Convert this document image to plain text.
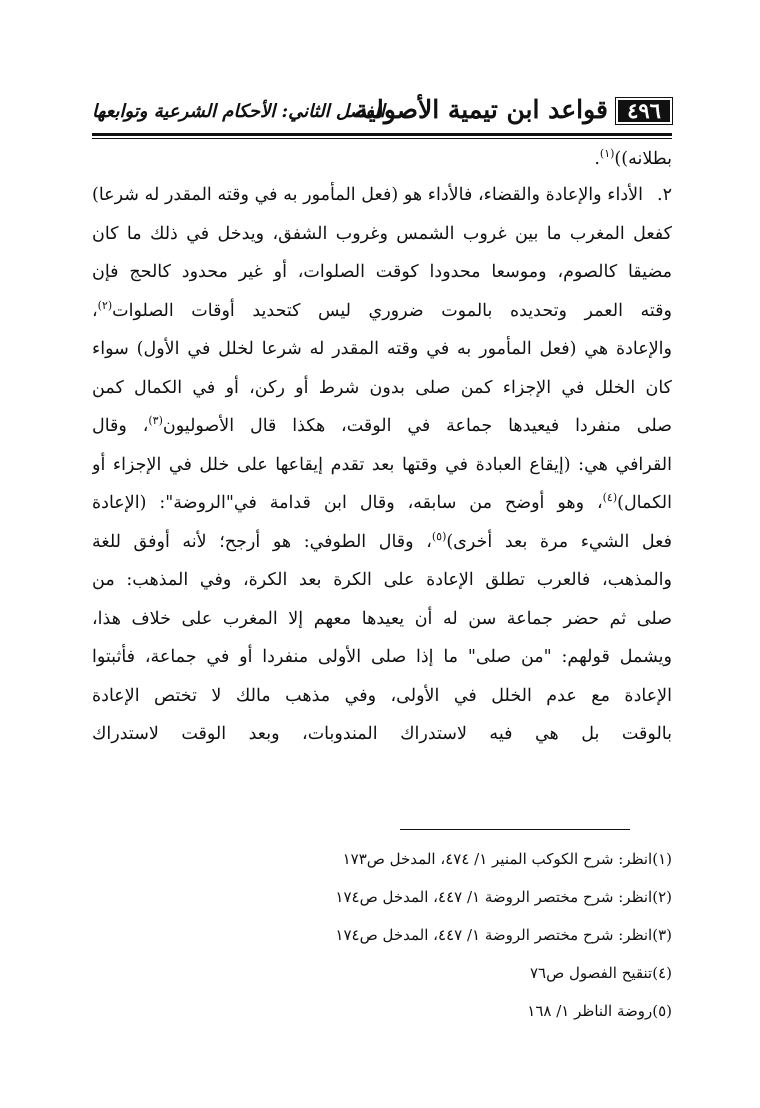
٤٩٦
قواعد ابن تيمية الأصولية
الفصل الثاني: الأحكام الشرعية وتوابعها
بطلانه))$^{(١)}$.
٢.الأداء والإعادة والقضاء، فالأداء هو (فعل المأمور به في وقته المقدر له شرعا)
كفعل المغرب ما بين غروب الشمس وغروب الشفق، ويدخل في ذلك ما كان
مضيقا كالصوم، وموسعا محدودا كوقت الصلوات، أو غير محدود كالحج فإن
وقته العمر وتحديده بالموت ضروري ليس كتحديد أوقات الصلوات$^{(٢)}$،
والإعادة هي (فعل المأمور به في وقته المقدر له شرعا لخلل في الأول) سواء
كان الخلل في الإجزاء كمن صلى بدون شرط أو ركن، أو في الكمال كمن
صلى منفردا فيعيدها جماعة في الوقت، هكذا قال الأصوليون$^{(٣)}$، وقال
القرافي هي: (إيقاع العبادة في وقتها بعد تقدم إيقاعها على خلل في الإجزاء أو
الكمال)$^{(٤)}$، وهو أوضح من سابقه، وقال ابن قدامة في"الروضة": (الإعادة
فعل الشيء مرة بعد أخرى)$^{(٥)}$، وقال الطوفي: هو أرجح؛ لأنه أوفق للغة
والمذهب، فالعرب تطلق الإعادة على الكرة بعد الكرة، وفي المذهب: من
صلى ثم حضر جماعة سن له أن يعيدها معهم إلا المغرب على خلاف هذا،
ويشمل قولهم: "من صلى" ما إذا صلى الأولى منفردا أو في جماعة، فأثبتوا
الإعادة مع عدم الخلل في الأولى، وفي مذهب مالك لا تختص الإعادة
بالوقت بل هي فيه لاستدراك المندوبات، وبعد الوقت لاستدراك
(١)انظر: شرح الكوكب المنير ١/ ٤٧٤، المدخل ص١٧٣
(٢)انظر: شرح مختصر الروضة ١/ ٤٤٧، المدخل ص١٧٤
(٣)انظر: شرح مختصر الروضة ١/ ٤٤٧، المدخل ص١٧٤
(٤)تنقيح الفصول ص٧٦
(٥)روضة الناظر ١/ ١٦٨
